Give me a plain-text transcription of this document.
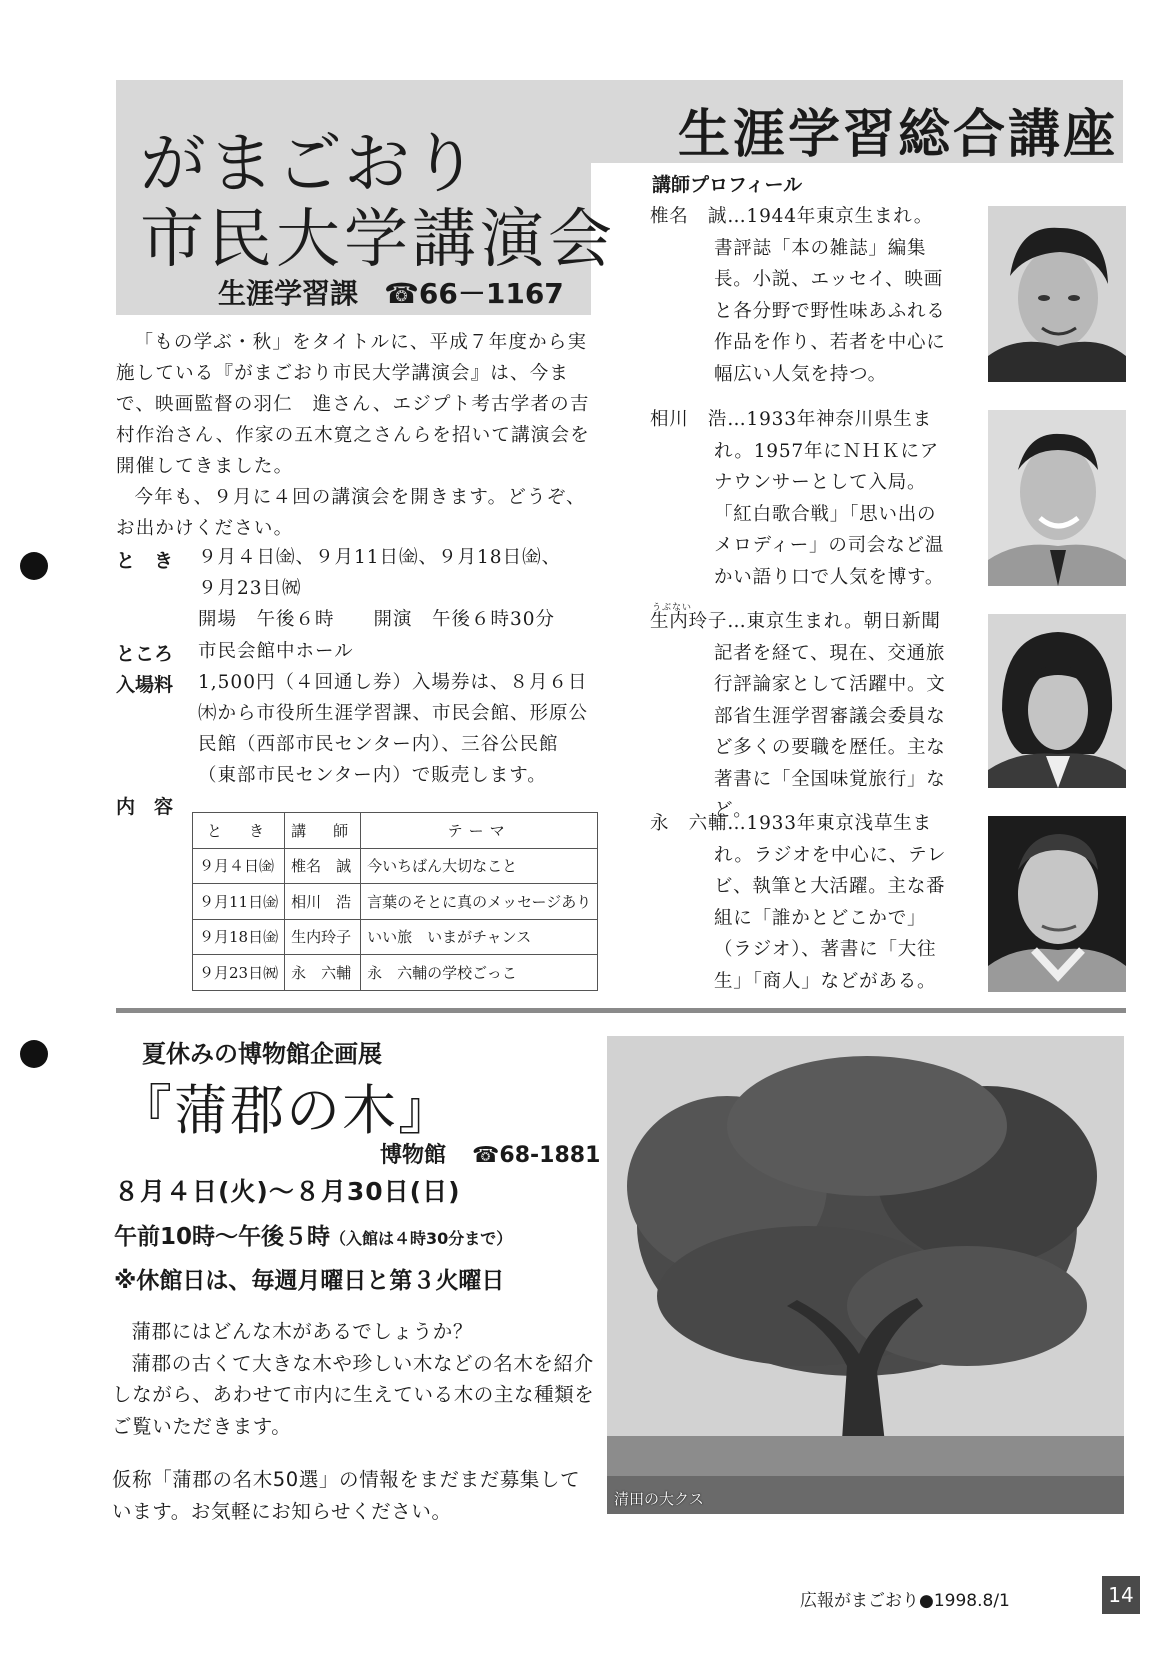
がまごおり
市民大学講演会
生涯学習課 ☎66－1167
生涯学習総合講座

「もの学ぶ・秋」をタイトルに、平成７年度から実施している『がまごおり市民大学講演会』は、今まで、映画監督の羽仁　進さん、エジプト考古学者の吉村作治さん、作家の五木寛之さんらを招いて講演会を開催してきました。

今年も、９月に４回の講演会を開きます。どうぞ、お出かけください。

と　き ９月４日㈮、９月11日㈮、９月18日㈮、
９月23日㈷
開場　午後６時　　開演　午後６時30分
ところ 市民会館中ホール
入場料 1,500円（４回通し券）入場券は、８月６日㈭から市役所生涯学習課、市民会館、形原公民館（西部市民センター内）、三谷公民館（東部市民センター内）で販売します。
内　容
と　き	講　師	テーマ
９月４日㈮	椎名　誠	今いちばん大切なこと
９月11日㈮	相川　浩	言葉のそとに真のメッセージあり
９月18日㈮	生内玲子	いい旅　いまがチャンス
９月23日㈷	永　六輔	永　六輔の学校ごっこ
講師プロフィール
椎名　誠…1944年東京生まれ。書評誌「本の雑誌」編集長。小説、エッセイ、映画と各分野で野性味あふれる作品を作り、若者を中心に幅広い人気を持つ。
相川　浩…1933年神奈川県生まれ。1957年にＮＨＫにアナウンサーとして入局。「紅白歌合戦」「思い出のメロディー」の司会など温かい語り口で人気を博す。
うぶない
生内玲子…東京生まれ。朝日新聞記者を経て、現在、交通旅行評論家として活躍中。文部省生涯学習審議会委員など多くの要職を歴任。主な著書に「全国味覚旅行」など。
永　六輔…1933年東京浅草生まれ。ラジオを中心に、テレビ、執筆と大活躍。主な番組に「誰かとどこかで」（ラジオ）、著書に「大往生」「商人」などがある。
夏休みの博物館企画展
『蒲郡の木』
博物館 ☎68-1881
８月４日(火)～８月30日(日)
午前10時～午後５時（入館は４時30分まで）
※休館日は、毎週月曜日と第３火曜日
蒲郡にはどんな木があるでしょうか？
蒲郡の古くて大きな木や珍しい木などの名木を紹介しながら、あわせて市内に生えている木の主な種類をご覧いただきます。
仮称「蒲郡の名木50選」の情報をまだまだ募集しています。お気軽にお知らせください。
清田の大クス
広報がまごおり●1998.8/1	14
